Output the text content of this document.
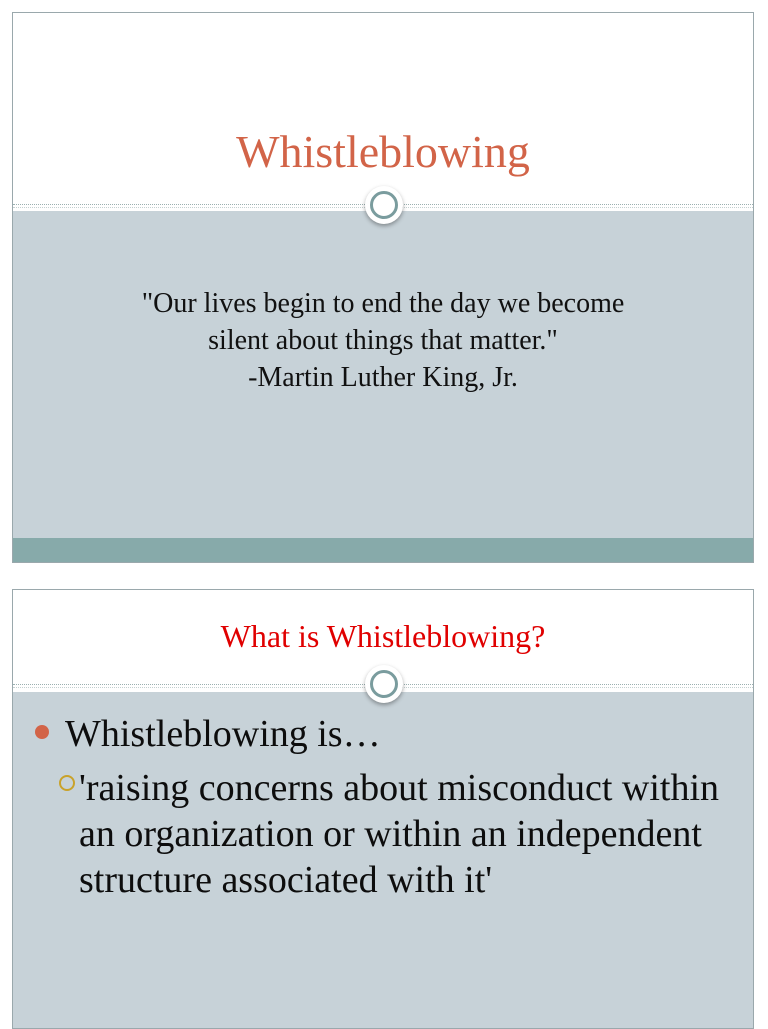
Whistleblowing
"Our lives begin to end the day we become
silent about things that matter."
-Martin Luther King, Jr.
What is Whistleblowing?
Whistleblowing is…
'raising concerns about misconduct within an organization or within an independent structure associated with it'
